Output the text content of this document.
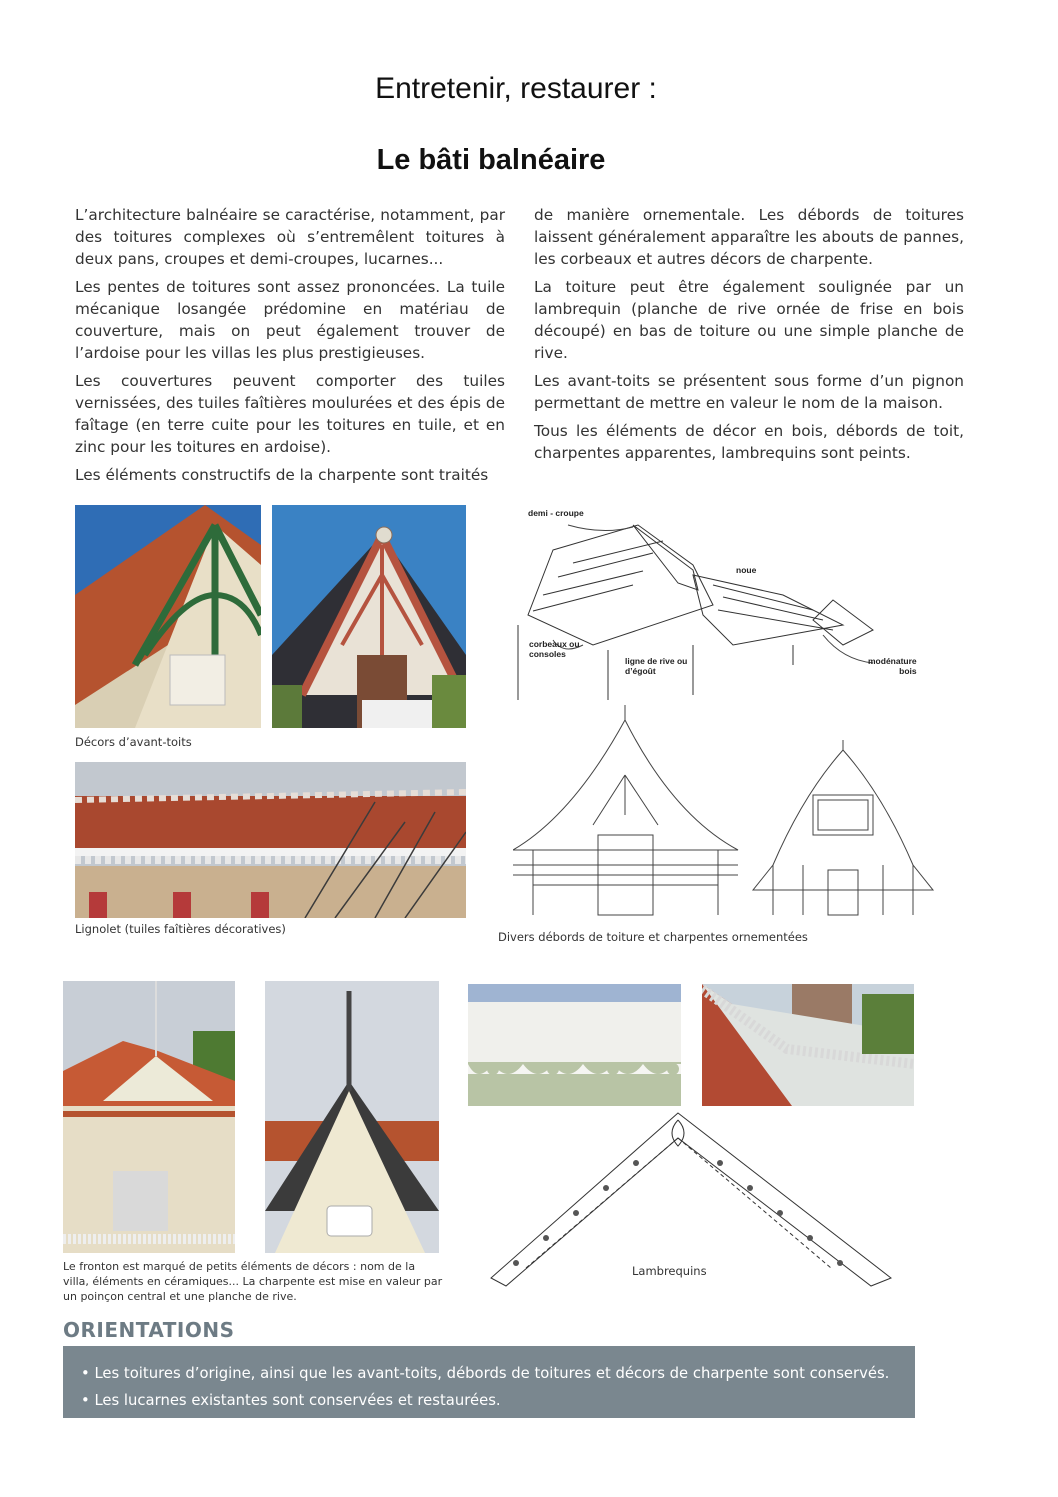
Entretenir, restaurer :
Le bâti balnéaire

L’architecture balnéaire se caractérise, notamment, par des toitures complexes où s’entremêlent toitures à deux pans, croupes et demi-croupes, lucarnes...

Les pentes de toitures sont assez prononcées. La tuile mécanique losangée prédomine en matériau de couverture, mais on peut également trouver de l’ardoise pour les villas les plus prestigieuses.

Les couvertures peuvent comporter des tuiles vernissées, des tuiles faîtières moulurées et des épis de faîtage (en terre cuite pour les toitures en tuile, et en zinc pour les toitures en ardoise).

Les éléments constructifs de la charpente sont traités

de manière ornementale. Les débords de toitures laissent généralement apparaître les abouts de pannes, les corbeaux et autres décors de charpente.

La toiture peut être également soulignée par un lambrequin (planche de rive ornée de frise en bois découpé) en bas de toiture ou une simple planche de rive.

Les avant-toits se présentent sous forme d’un pignon permettant de mettre en valeur le nom de la maison.

Tous les éléments de décor en bois, débords de toit, charpentes apparentes, lambrequins sont peints.

Décors d’avant-toits
Lignolet (tuiles faîtières décoratives)
demi - croupe
noue
corbeaux ou
consoles
ligne de rive ou
d’égoût
modénature
bois
Divers débords de toiture et charpentes ornementées
Le fronton est marqué de petits éléments de décors : nom de la villa, éléments en céramiques... La charpente est mise en valeur par un poinçon central et une planche de rive.
Lambrequins
ORIENTATIONS
• Les toitures d’origine, ainsi que les avant-toits, débords de toitures et décors de charpente sont conservés.
• Les lucarnes existantes sont conservées et restaurées.
